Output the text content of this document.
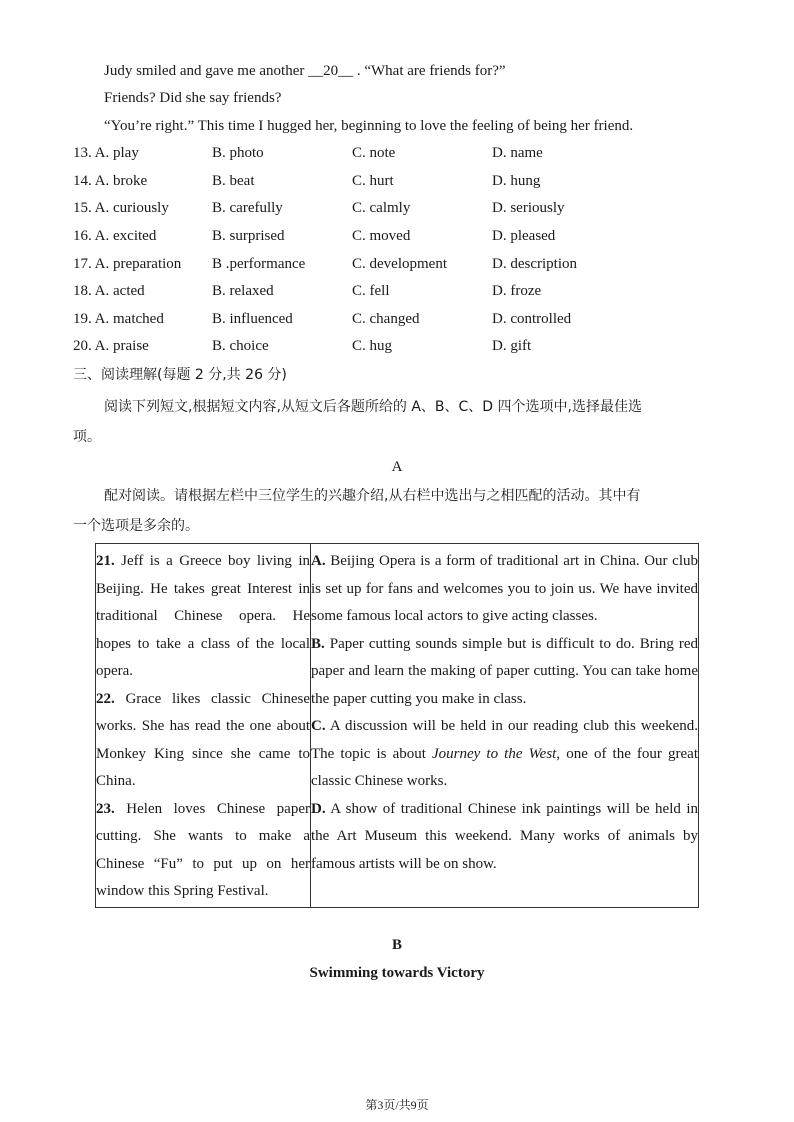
Judy smiled and gave me another __20__ . “What are friends for?”
Friends? Did she say friends?
“You’re right.” This time I hugged her, beginning to love the feeling of being her friend.
13. A. play	B. photo	C. note	D. name
14. A. broke	B. beat	C. hurt	D. hung
15. A. curiously	B. carefully	C. calmly	D. seriously
16. A. excited	B. surprised	C. moved	D. pleased
17. A. preparation B .performance	C. development	D. description
18. A. acted	B. relaxed	C. fell	D. froze
19. A. matched	B. influenced	C. changed	D. controlled
20. A. praise	B. choice	C. hug	D. gift
三、阅读理解(每题 2 分,共 26 分)
阅读下列短文,根据短文内容,从短文后各题所给的 A、B、C、D 四个选项中,选择最佳选
项。
A
配对阅读。请根据左栏中三位学生的兴趣介绍,从右栏中选出与之相匹配的活动。其中有
一个选项是多余的。
21. Jeff is a Greece boy living in Beijing. He takes great Interest in traditional Chinese opera. He hopes to take a class of the local opera.
22. Grace likes classic Chinese works. She has read the one about Monkey King since she came to China.
23. Helen loves Chinese paper cutting. She wants to make a Chinese “Fu” to put up on her window this Spring Festival.

A. Beijing Opera is a form of traditional art in China. Our club is set up for fans and welcomes you to join us. We have invited some famous local actors to give acting classes.
B. Paper cutting sounds simple but is difficult to do. Bring red paper and learn the making of paper cutting. You can take home the paper cutting you make in class.
C. A discussion will be held in our reading club this weekend. The topic is about Journey to the West, one of the four great classic Chinese works.
D. A show of traditional Chinese ink paintings will be held in the Art Museum this weekend. Many works of animals by famous artists will be on show.
B
Swimming towards Victory
第3页/共9页
